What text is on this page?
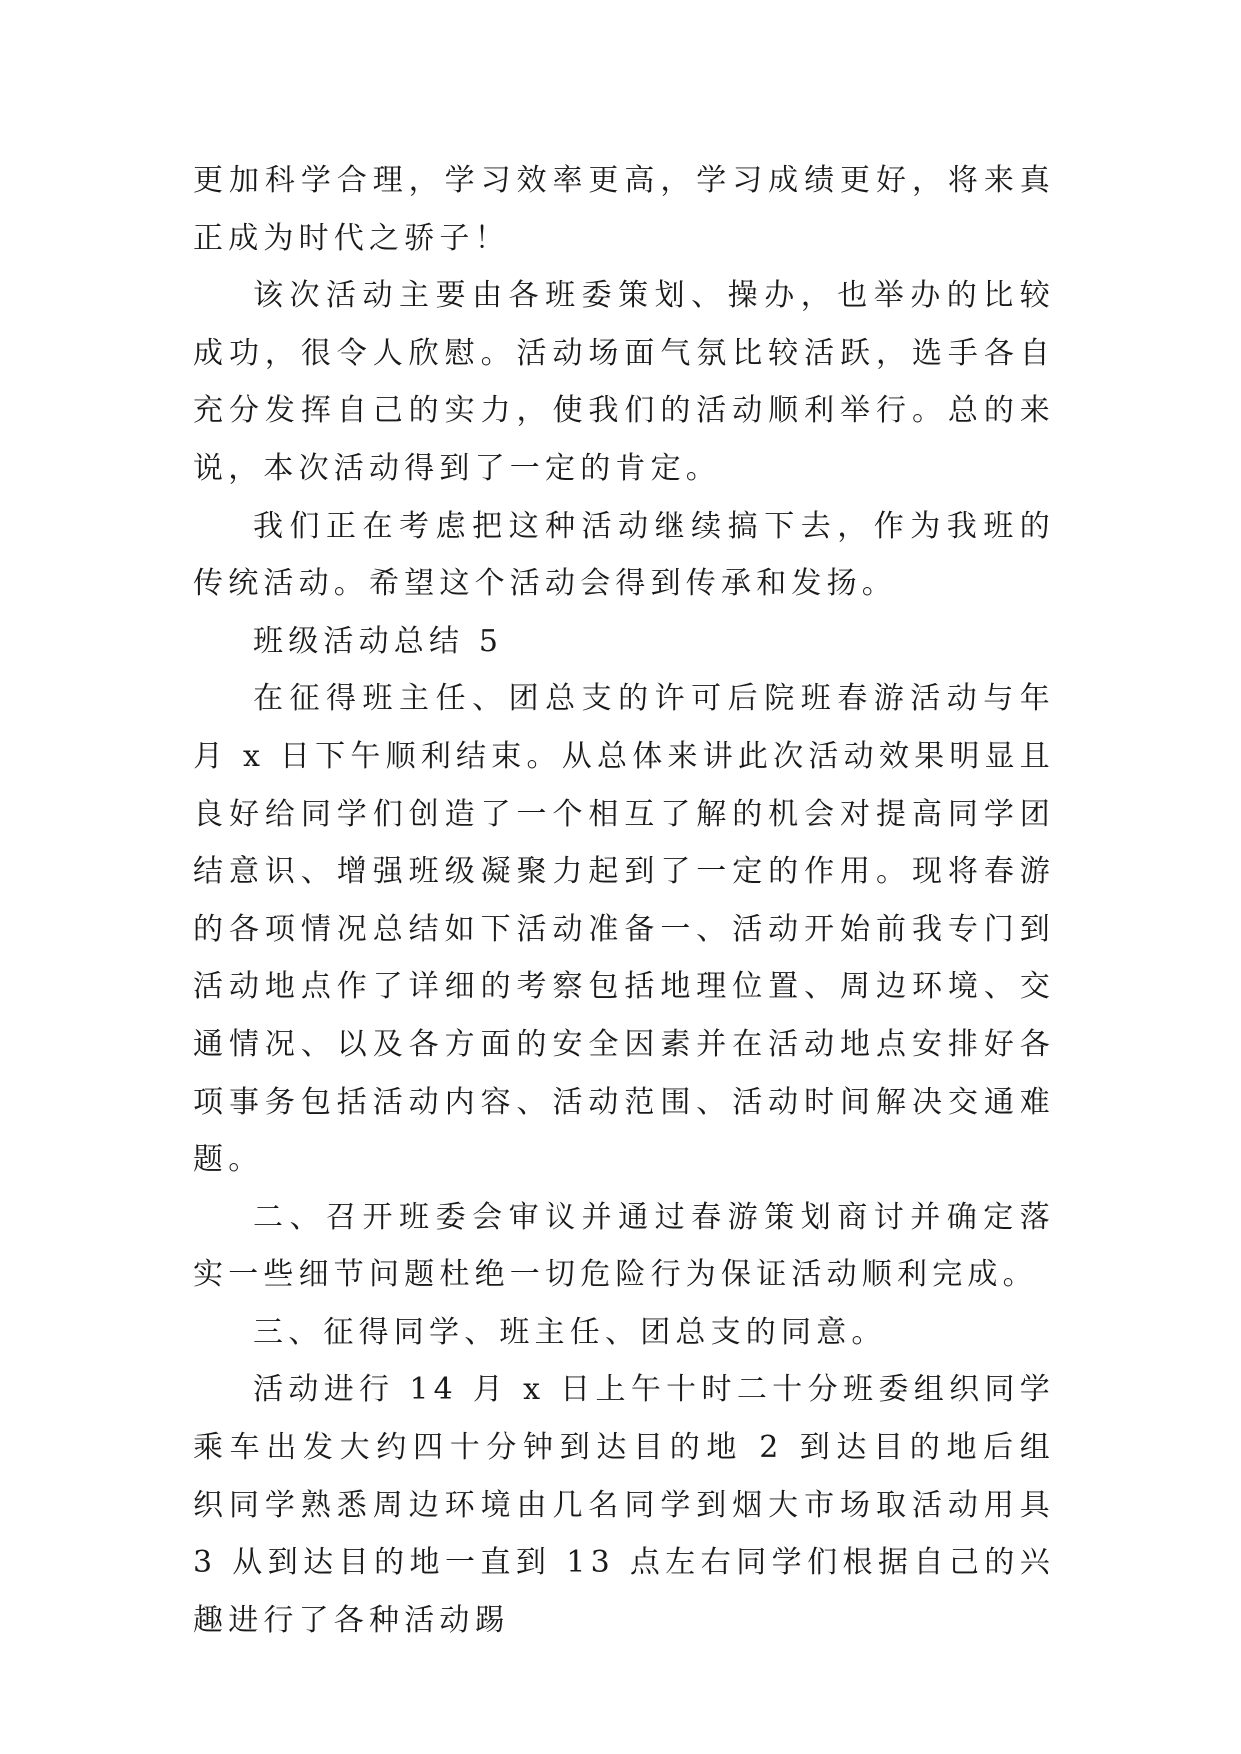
更加科学合理，学习效率更高，学习成绩更好，将来真正成为时代之骄子！

该次活动主要由各班委策划、操办，也举办的比较成功，很令人欣慰。活动场面气氛比较活跃，选手各自充分发挥自己的实力，使我们的活动顺利举行。总的来说，本次活动得到了一定的肯定。

我们正在考虑把这种活动继续搞下去，作为我班的传统活动。希望这个活动会得到传承和发扬。

班级活动总结 5

在征得班主任、团总支的许可后院班春游活动与年月 x 日下午顺利结束。从总体来讲此次活动效果明显且良好给同学们创造了一个相互了解的机会对提高同学团结意识、增强班级凝聚力起到了一定的作用。现将春游的各项情况总结如下活动准备一、活动开始前我专门到活动地点作了详细的考察包括地理位置、周边环境、交通情况、以及各方面的安全因素并在活动地点安排好各项事务包括活动内容、活动范围、活动时间解决交通难题。

二、召开班委会审议并通过春游策划商讨并确定落实一些细节问题杜绝一切危险行为保证活动顺利完成。

三、征得同学、班主任、团总支的同意。

活动进行 14 月 x 日上午十时二十分班委组织同学乘车出发大约四十分钟到达目的地 2 到达目的地后组织同学熟悉周边环境由几名同学到烟大市场取活动用具 3 从到达目的地一直到 13 点左右同学们根据自己的兴趣进行了各种活动踢
